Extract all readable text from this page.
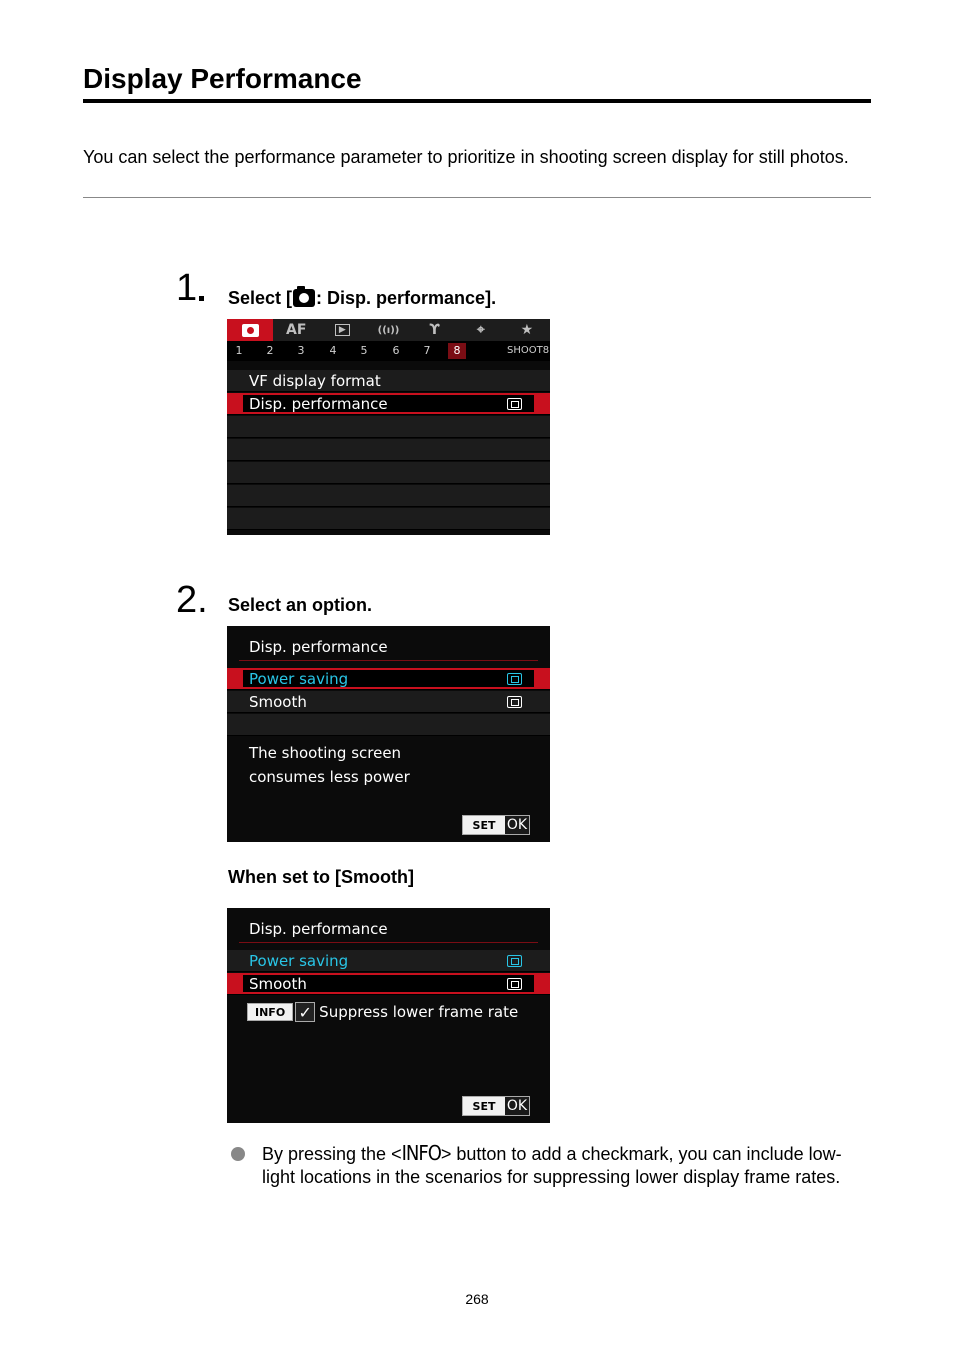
Display Performance
You can select the performance parameter to prioritize in shooting screen display for still photos.
1 Select [ : Disp. performance].
AF	▶	((ı)) ϒ	⌖	★
1	2	3	4	5	6	7	8	SHOOT8
VF display format
Disp. performance
2. Select an option.
Disp. performance
Power saving
Smooth
The shooting screen
consumes less power
SET OK
When set to [Smooth]
Disp. performance
Power saving
Smooth
INFO ✓ Suppress lower frame rate
SET OK
By pressing the <INFO> button to add a checkmark, you can include low-light locations in the scenarios for suppressing lower display frame rates.
268
